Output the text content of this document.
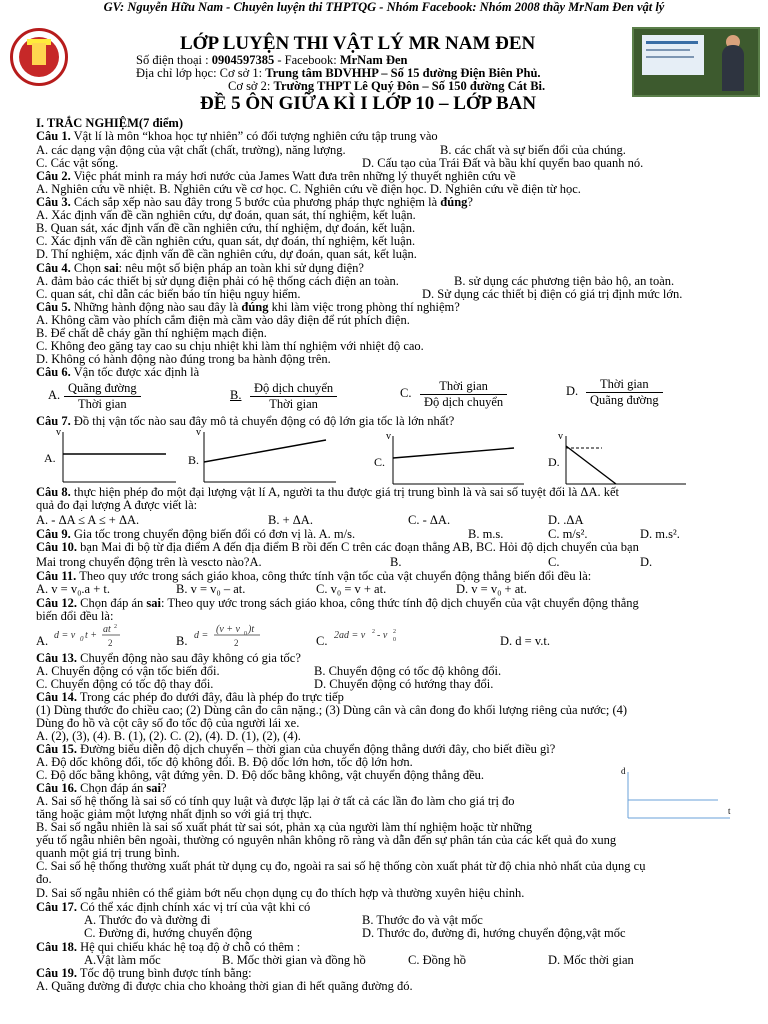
GV: Nguyễn Hữu Nam - Chuyên luyện thi THPTQG - Nhóm Facebook: Nhóm 2008 thầy MrNam Đen vật lý
LỚP LUYỆN THI VẬT LÝ MR NAM ĐEN
Số điện thoại : 0904597385 - Facebook: MrNam Đen
Địa chỉ lớp học: Cơ sở 1: Trung tâm BDVHHP – Số 15 đường Điện Biên Phủ.
Cơ sở 2: Trường THPT Lê Quý Đôn – Số 150 đường Cát Bi.
ĐỀ 5 ÔN GIỮA KÌ I LỚP 10 – LỚP BAN
I. TRẮC NGHIỆM(7 điểm)
Câu 1. Vật lí là môn “khoa học tự nhiên” có đối tượng nghiên cứu tập trung vào
A. các dạng vận động của vật chất (chất, trường), năng lượng.	B. các chất và sự biến đổi của chúng.
C. Các vật sống.	D. Cấu tạo của Trái Đất và bầu khí quyển bao quanh nó.
Câu 2. Việc phát minh ra máy hơi nước của James Watt đưa trên những lý thuyết nghiên cứu về
A. Nghiên cứu về nhiệt. B. Nghiên cứu về cơ học. C. Nghiên cứu về điện học. D. Nghiên cứu về điện từ học.
Câu 3. Cách sắp xếp nào sau đây trong 5 bước của phương pháp thực nghiệm là đúng?
A. Xác định vấn đề cần nghiên cứu, dự đoán, quan sát, thí nghiệm, kết luận.
B. Quan sát, xác định vấn đề cần nghiên cứu, thí nghiệm, dự đoán, kết luận.
C. Xác định vấn đề cần nghiên cứu, quan sát, dự đoán, thí nghiệm, kết luận.
D. Thí nghiệm, xác định vấn đề cần nghiên cứu, dự đoán, quan sát, kết luận.
Câu 4. Chọn sai: nêu một số biện pháp an toàn khi sử dụng điện?
A. đảm bảo các thiết bị sử dụng điện phải có hệ thống cách điện an toàn.	B. sử dụng các phương tiện bảo hộ, an toàn.
C. quan sát, chỉ dẫn các biển báo tín hiệu nguy hiểm.	D. Sử dụng các thiết bị điện có giá trị định mức lớn.
Câu 5. Những hành động nào sau đây là đúng khi làm việc trong phòng thí nghiệm?
A. Không cầm vào phích cắm điện mà cầm vào dây điện để rút phích điện.
B. Để chất dễ cháy gần thí nghiệm mạch điện.
C. Không đeo găng tay cao su chịu nhiệt khi làm thí nghiệm với nhiệt độ cao.
D. Không có hành động nào đúng trong ba hành động trên.
Câu 6. Vận tốc được xác định là
A. Quãng đường
Thời gian
B.	Độ dịch chuyển
Thời gian
C.	Thời gian
Độ dịch chuyển
D.	Thời gian
Quãng đường
Câu 7. Đồ thị vận tốc nào sau đây mô tả chuyển động có độ lớn gia tốc là lớn nhất?
A.
v
B.
v
C.
v
D.
v
Câu 8. thực hiện phép đo một đại lượng vật lí A, người ta thu được giá trị trung bình là và sai số tuyệt đối là ΔA. kết
quả đo đại lượng A được viết là:
A. - ΔA ≤ A ≤ + ΔA.	B. + ΔA.	C. - ΔA.	D. .ΔA
Câu 9. Gia tốc trong chuyển động biến đổi có đơn vị là. A. m/s.	B. m.s.	C. m/s².	D. m.s².
Câu 10. bạn Mai đi bộ từ địa điểm A đến địa điểm B rồi đến C trên các đoạn thẳng AB, BC. Hỏi độ dịch chuyển của bạn
Mai trong chuyển động trên là vescto nào?A.	B.	C.	D.
Câu 11. Theo quy ước trong sách giáo khoa, công thức tính vận tốc của vật chuyển động thẳng biến đổi đều là:
A. v = v₀.a + t.	B. v = v₀ – at.	C. v₀ = v + at.	D. v = v₀ + at.
Câu 12. Chọn đáp án sai: Theo quy ước trong sách giáo khoa, công thức tính độ dịch chuyển của vật chuyển động thẳng
biến đổi đều là:
A. d = v 0 t +
at 2
2	B. d =
(v + v 0 )t
2	C. 2ad = v 2 - v 2
0	D. d = v.t.
Câu 13. Chuyển động nào sau đây không có gia tốc?
A. Chuyển động có vận tốc biến đổi.	B. Chuyển động có tốc độ không đổi.
C. Chuyển động có tốc độ thay đổi.	D. Chuyển động có hướng thay đổi.
Câu 14. Trong các phép đo dưới đây, đâu là phép đo trực tiếp
(1) Dùng thước đo chiều cao; (2) Dùng cân đo cân nặng.; (3) Dùng cân và cân đong đo khối lượng riêng của nước; (4)
Dùng đo hồ và cột cây số đo tốc độ của người lái xe.
A. (2), (3), (4). B. (1), (2). C. (2), (4). D. (1), (2), (4).
Câu 15. Đường biểu diễn độ dịch chuyển – thời gian của chuyển động thẳng dưới đây, cho biết điều gì?
A. Độ dốc không đổi, tốc độ không đổi. B. Độ dốc lớn hơn, tốc độ lớn hơn.
C. Độ dốc bằng không, vật đứng yên. D. Độ dốc bằng không, vật chuyển động thẳng đều.	d
t
Câu 16. Chọn đáp án sai?
A. Sai số hệ thống là sai số có tính quy luật và được lặp lại ở tất cả các lần đo làm cho giá trị đo
tăng hoặc giảm một lượng nhất định so với giá trị thực.
B. Sai số ngẫu nhiên là sai số xuất phát từ sai sót, phản xạ của người làm thí nghiệm hoặc từ những
yếu tố ngẫu nhiên bên ngoài, thường có nguyên nhân không rõ ràng và dẫn đến sự phân tán của các kết quả đo xung
quanh một giá trị trung bình.
C. Sai số hệ thống thường xuất phát từ dụng cụ đo, ngoài ra sai số hệ thống còn xuất phát từ độ chia nhỏ nhất của dụng cụ
đo.
D. Sai số ngẫu nhiên có thể giảm bớt nếu chọn dụng cụ đo thích hợp và thường xuyên hiệu chỉnh.
Câu 17. Có thể xác định chính xác vị trí của vật khi có
A. Thước đo và đường đi	B. Thước đo và vật mốc
C. Đường đi, hướng chuyển động	D. Thước đo, đường đi, hướng chuyển động,vật mốc
Câu 18. Hệ qui chiếu khác hệ toạ độ ở chỗ có thêm :
A.Vật làm mốc	B. Mốc thời gian và đồng hồ	C. Đồng hồ	D. Mốc thời gian
Câu 19. Tốc độ trung bình được tính bằng:
A. Quãng đường đi được chia cho khoảng thời gian đi hết quãng đường đó.
